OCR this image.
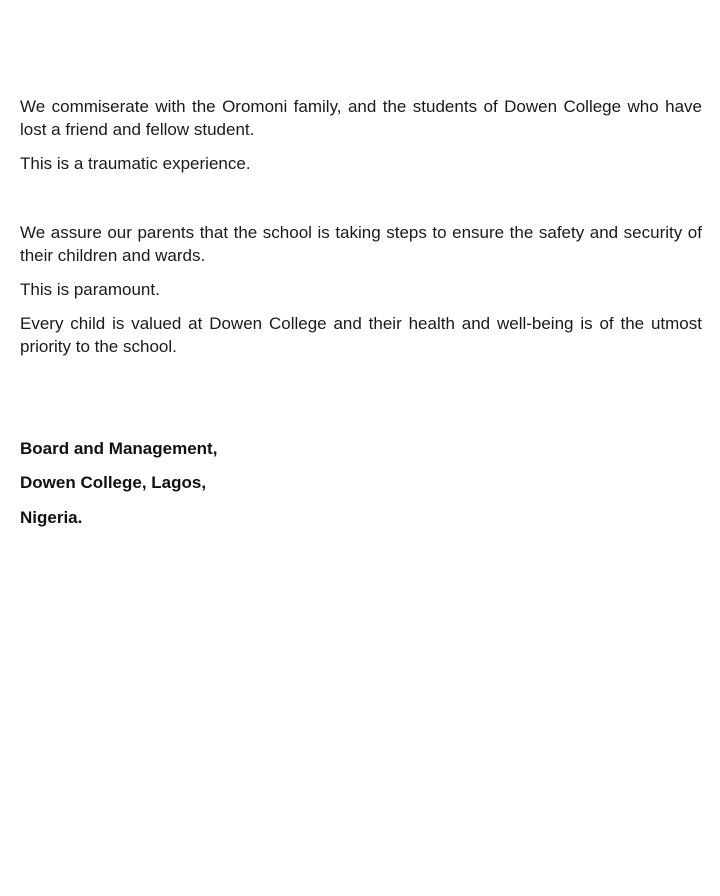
We commiserate with the Oromoni family, and the students of Dowen College who have lost a friend and fellow student.

This is a traumatic experience.

We assure our parents that the school is taking steps to ensure the safety and security of their children and wards.

This is paramount.

Every child is valued at Dowen College and their health and well-being is of the utmost priority to the school.

Board and Management,

Dowen College, Lagos,

Nigeria.
